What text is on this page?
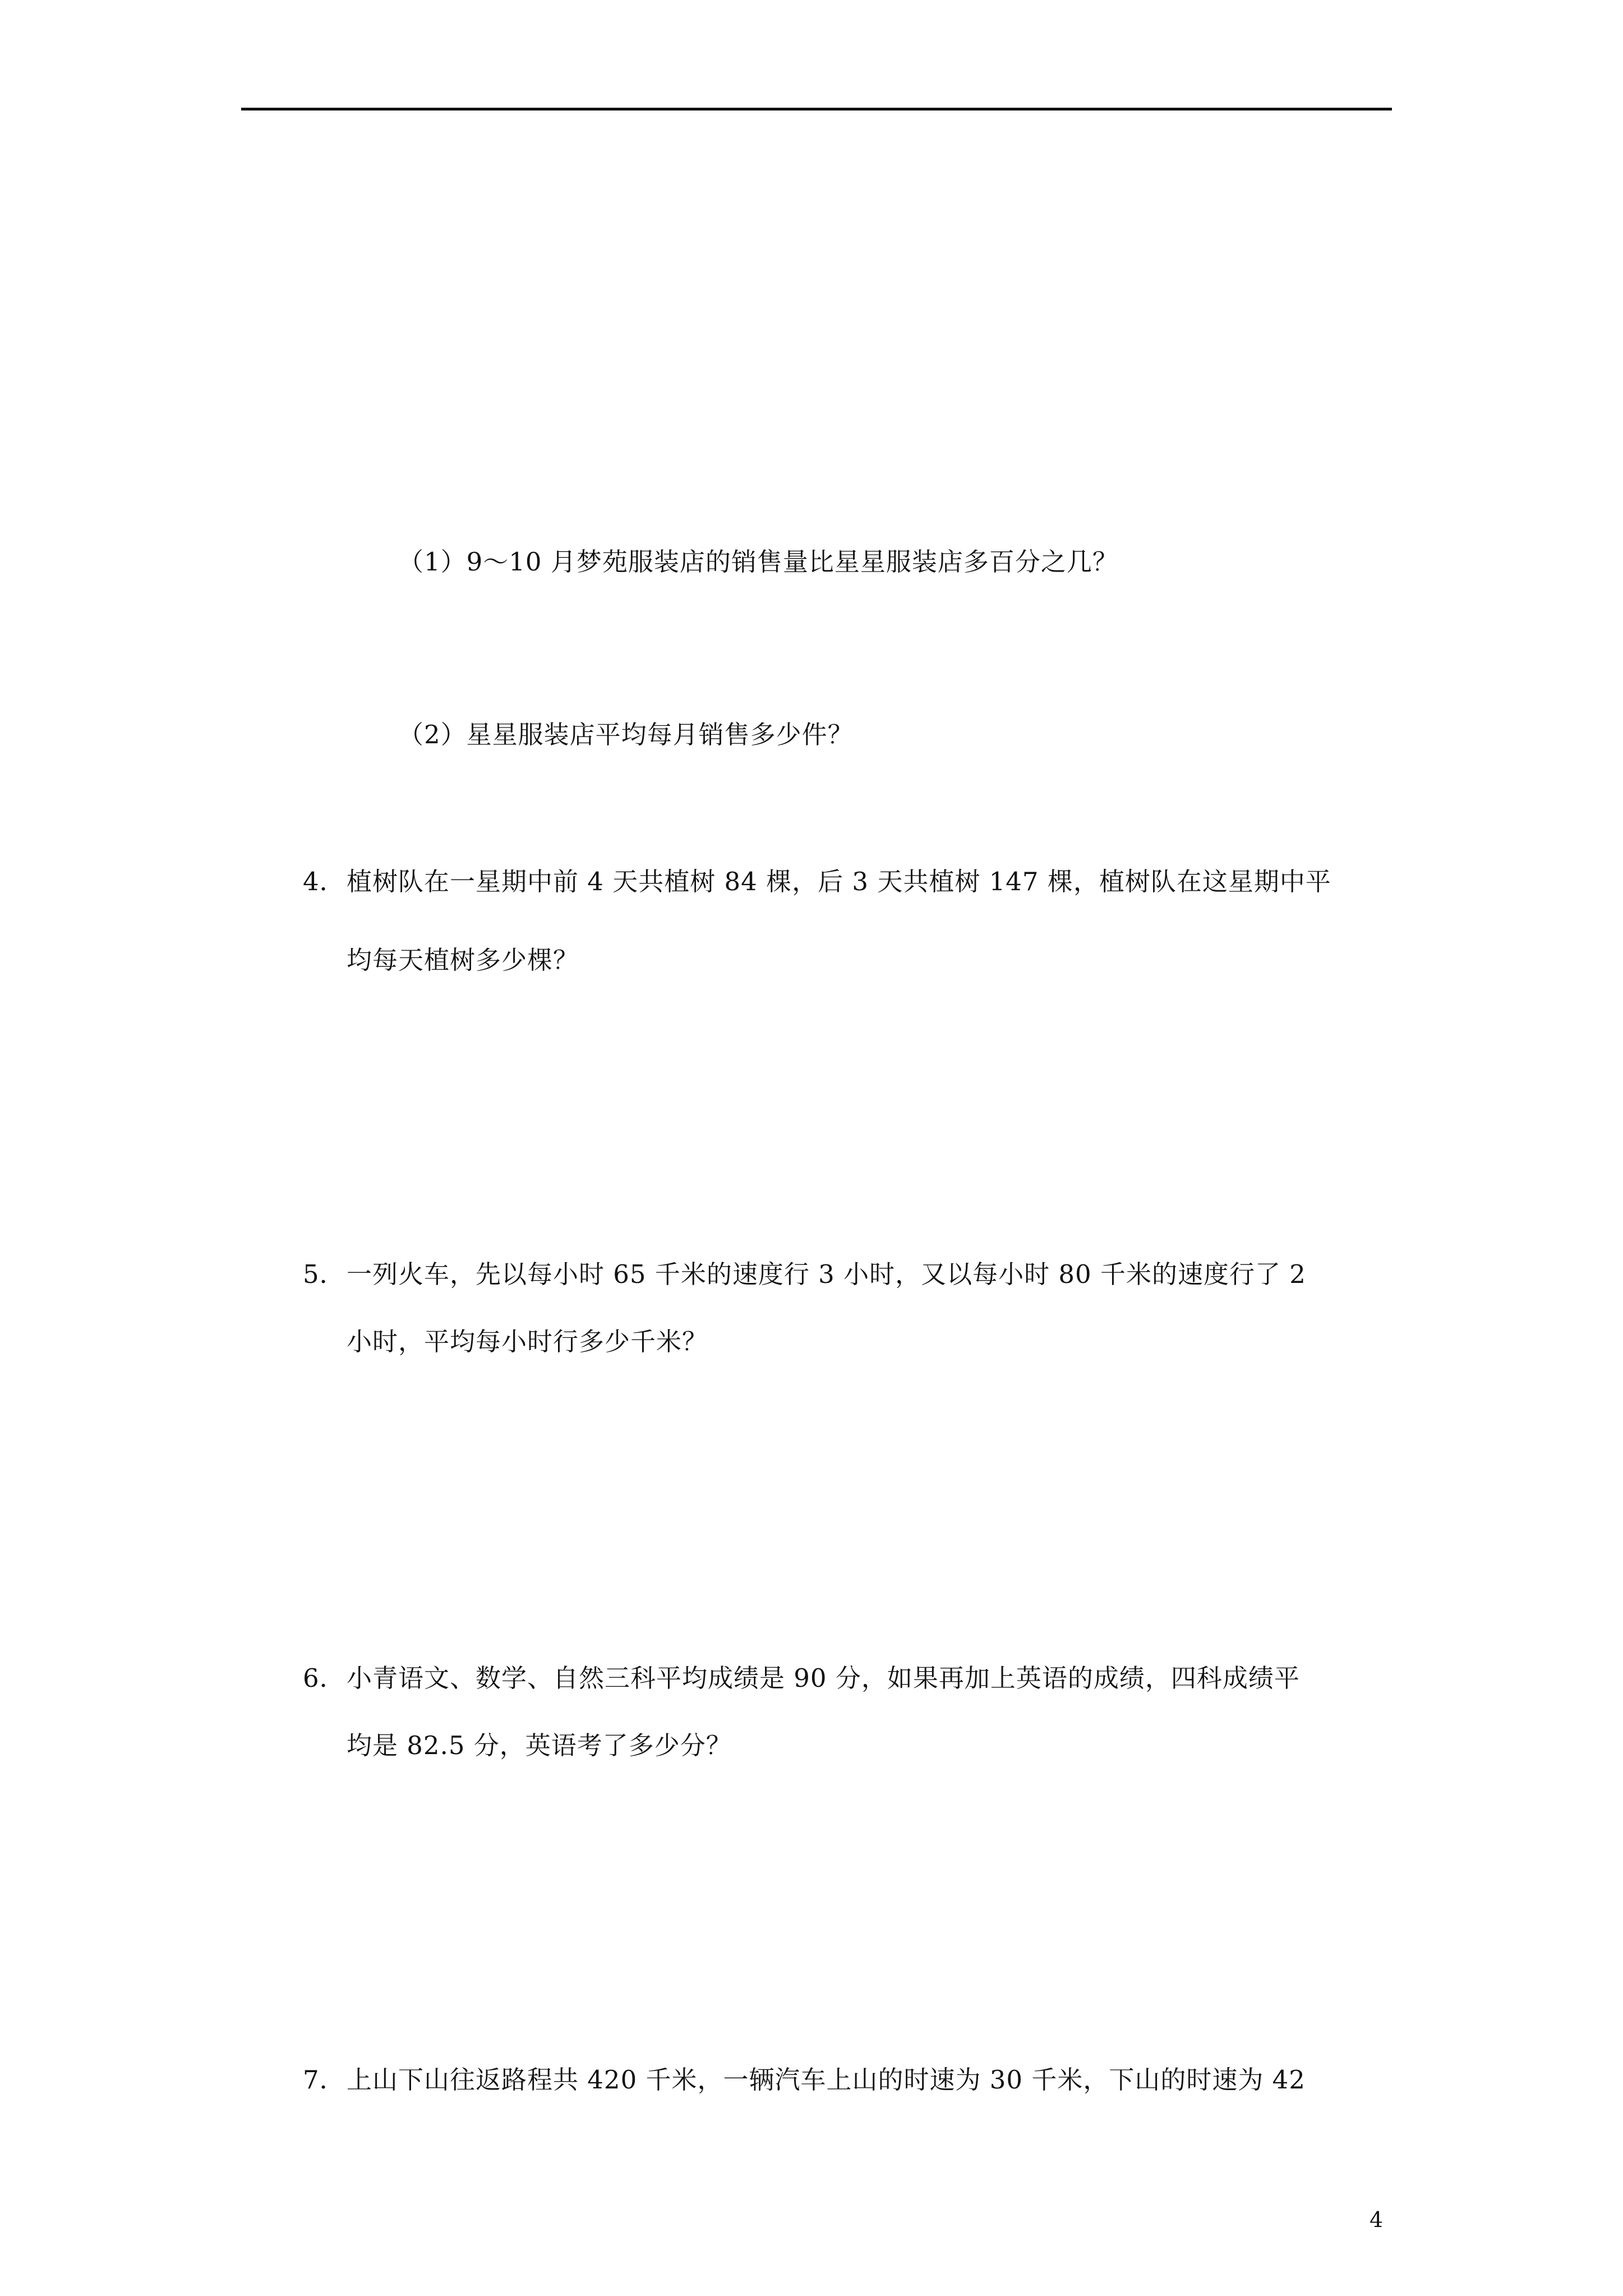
（1）9～10 月梦苑服装店的销售量比星星服装店多百分之几？
（2）星星服装店平均每月销售多少件？
4． 植树队在一星期中前 4 天共植树 84 棵，后 3 天共植树 147 棵，植树队在这星期中平
均每天植树多少棵？
5． 一列火车，先以每小时 65 千米的速度行 3 小时，又以每小时 80 千米的速度行了 2
小时，平均每小时行多少千米？
6． 小青语文、数学、自然三科平均成绩是 90 分，如果再加上英语的成绩，四科成绩平
均是 82.5 分，英语考了多少分？
7． 上山下山往返路程共 420 千米，一辆汽车上山的时速为 30 千米，下山的时速为 42
4
